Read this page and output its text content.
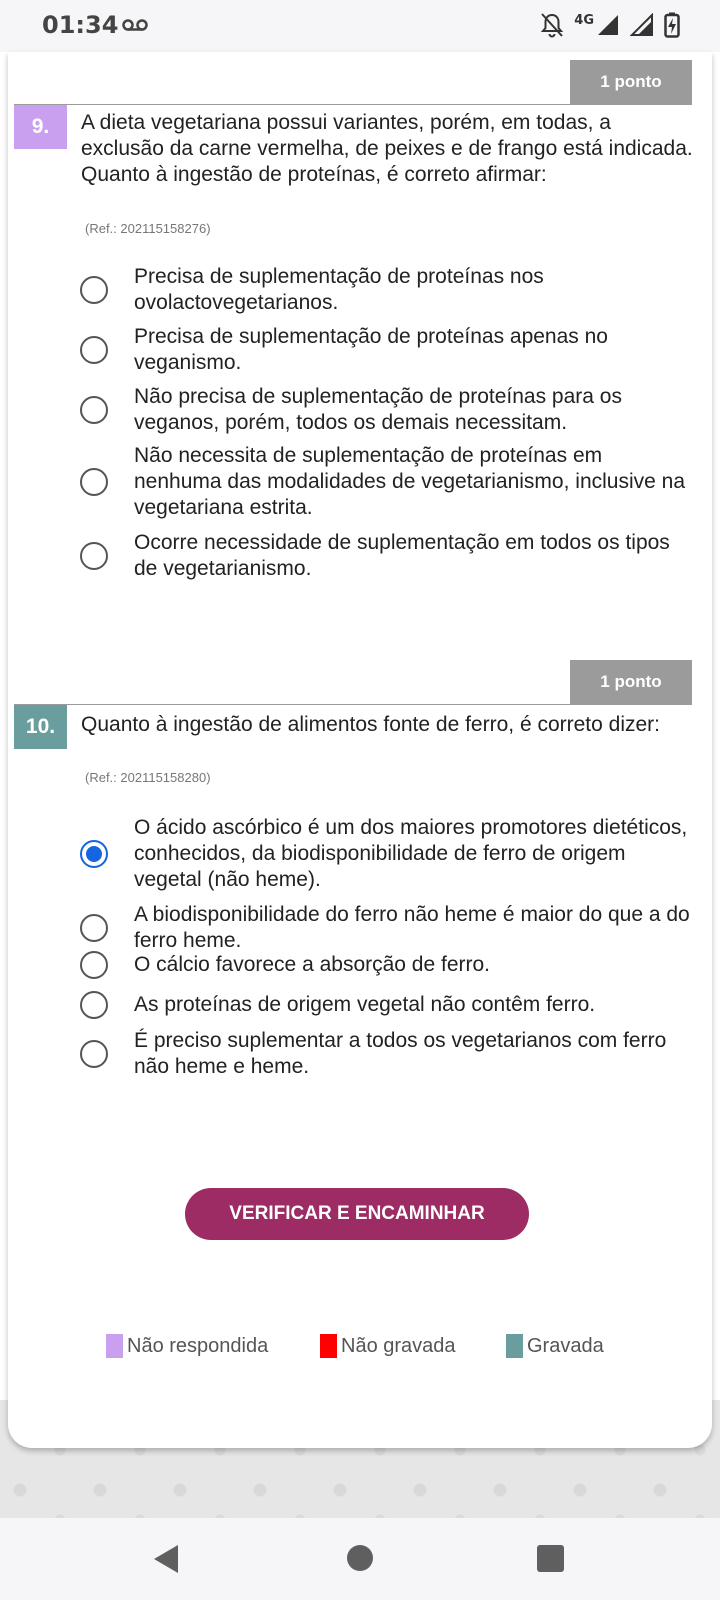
01:34	4G
1 ponto
9.	A dieta vegetariana possui variantes, porém, em todas, a exclusão da carne vermelha, de peixes e de frango está indicada. Quanto à ingestão de proteínas, é correto afirmar:
(Ref.: 202115158276)
Precisa de suplementação de proteínas nos ovolactovegetarianos.
Precisa de suplementação de proteínas apenas no veganismo.
Não precisa de suplementação de proteínas para os veganos, porém, todos os demais necessitam.
Não necessita de suplementação de proteínas em nenhuma das modalidades de vegetarianismo, inclusive na vegetariana estrita.
Ocorre necessidade de suplementação em todos os tipos de vegetarianismo.
1 ponto
10.	Quanto à ingestão de alimentos fonte de ferro, é correto dizer:
(Ref.: 202115158280)
O ácido ascórbico é um dos maiores promotores dietéticos, conhecidos, da biodisponibilidade de ferro de origem vegetal (não heme).
A biodisponibilidade do ferro não heme é maior do que a do ferro heme.
O cálcio favorece a absorção de ferro.
As proteínas de origem vegetal não contêm ferro.
É preciso suplementar a todos os vegetarianos com ferro não heme e heme.
VERIFICAR E ENCAMINHAR
Não respondida	Não gravada	Gravada
